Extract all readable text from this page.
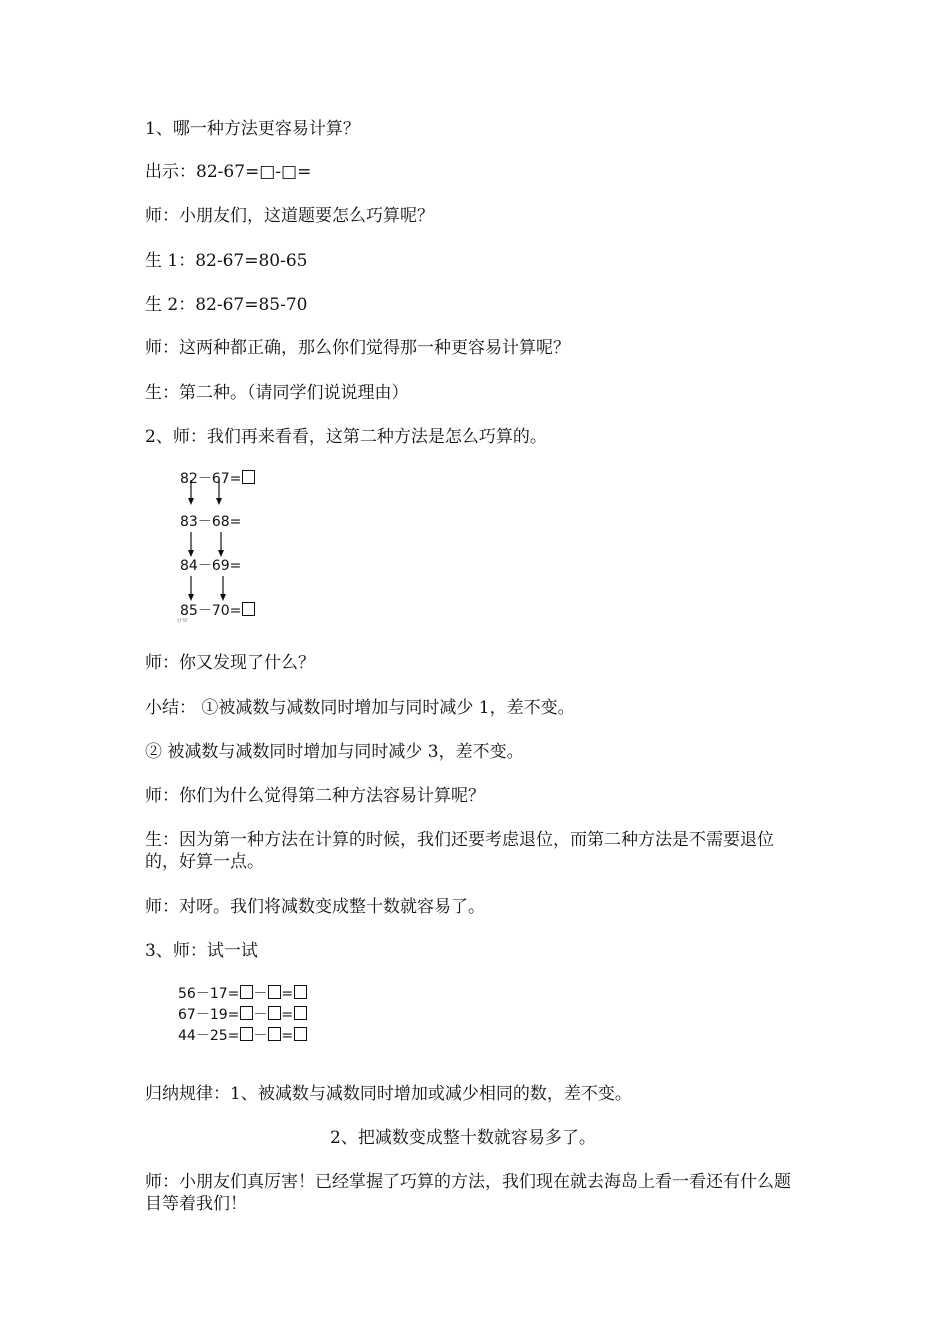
1、哪一种方法更容易计算？

出示：82-67=□-□=

师：小朋友们，这道题要怎么巧算呢？

生 1：82-67=80-65

生 2：82-67=85-70

师：这两种都正确，那么你们觉得那一种更容易计算呢？

生：第二种。（请同学们说说理由）

2、师：我们再来看看，这第二种方法是怎么巧算的。

82－67=
83－68=
84－69=
85－70=
分步

师：你又发现了什么？

小结： ①被减数与减数同时增加与同时减少 1，差不变。

② 被减数与减数同时增加与同时减少 3，差不变。

师：你们为什么觉得第二种方法容易计算呢？

生：因为第一种方法在计算的时候，我们还要考虑退位，而第二种方法是不需要退位的，好算一点。

师：对呀。我们将减数变成整十数就容易了。

3、师：试一试

56－17= － =
67－19= － =
44－25= － =

归纳规律：1、被减数与减数同时增加或减少相同的数，差不变。

2、把减数变成整十数就容易多了。

师：小朋友们真厉害！已经掌握了巧算的方法，我们现在就去海岛上看一看还有什么题目等着我们！
